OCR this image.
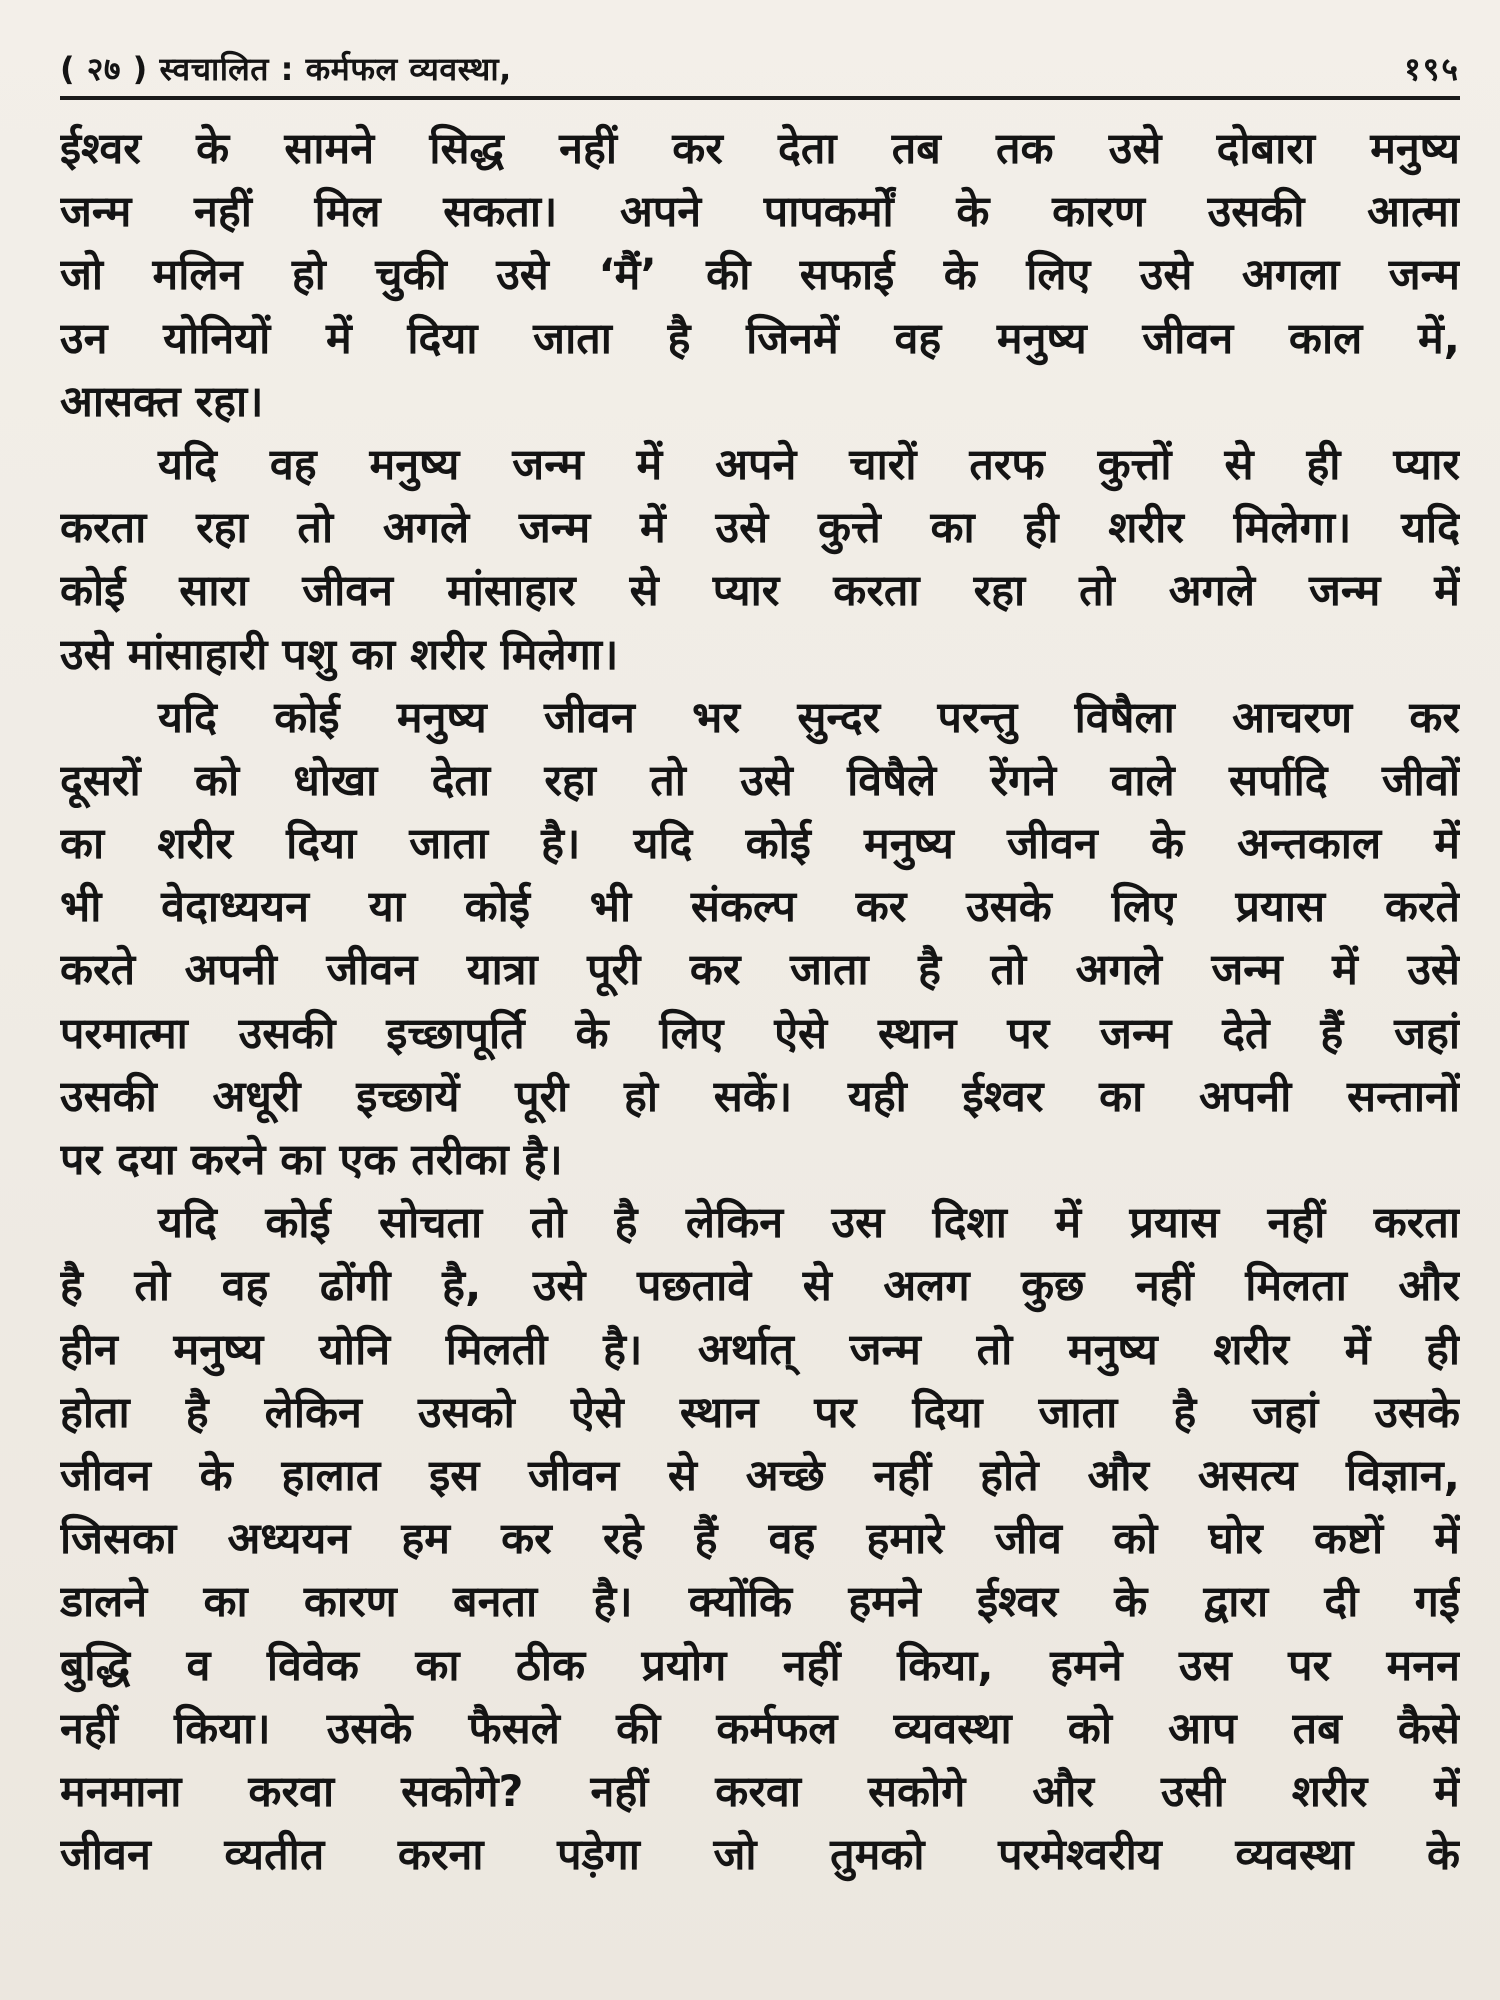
( २७ ) स्वचालित : कर्मफल व्यवस्था,	१९५
ईश्वर के सामने सिद्ध नहीं कर देता तब तक उसे दोबारा मनुष्य
जन्म नहीं मिल सकता। अपने पापकर्मों के कारण उसकी आत्मा
जो मलिन हो चुकी उसे ‘मैं’ की सफाई के लिए उसे अगला जन्म
उन योनियों में दिया जाता है जिनमें वह मनुष्य जीवन काल में,
आसक्त रहा।
यदि वह मनुष्य जन्म में अपने चारों तरफ कुत्तों से ही प्यार
करता रहा तो अगले जन्म में उसे कुत्ते का ही शरीर मिलेगा। यदि
कोई सारा जीवन मांसाहार से प्यार करता रहा तो अगले जन्म में
उसे मांसाहारी पशु का शरीर मिलेगा।
यदि कोई मनुष्य जीवन भर सुन्दर परन्तु विषैला आचरण कर
दूसरों को धोखा देता रहा तो उसे विषैले रेंगने वाले सर्पादि जीवों
का शरीर दिया जाता है। यदि कोई मनुष्य जीवन के अन्तकाल में
भी वेदाध्ययन या कोई भी संकल्प कर उसके लिए प्रयास करते
करते अपनी जीवन यात्रा पूरी कर जाता है तो अगले जन्म में उसे
परमात्मा उसकी इच्छापूर्ति के लिए ऐसे स्थान पर जन्म देते हैं जहां
उसकी अधूरी इच्छायें पूरी हो सकें। यही ईश्वर का अपनी सन्तानों
पर दया करने का एक तरीका है।
यदि कोई सोचता तो है लेकिन उस दिशा में प्रयास नहीं करता
है तो वह ढोंगी है, उसे पछतावे से अलग कुछ नहीं मिलता और
हीन मनुष्य योनि मिलती है। अर्थात् जन्म तो मनुष्य शरीर में ही
होता है लेकिन उसको ऐसे स्थान पर दिया जाता है जहां उसके
जीवन के हालात इस जीवन से अच्छे नहीं होते और असत्य विज्ञान,
जिसका अध्ययन हम कर रहे हैं वह हमारे जीव को घोर कष्टों में
डालने का कारण बनता है। क्योंकि हमने ईश्वर के द्वारा दी गई
बुद्धि व विवेक का ठीक प्रयोग नहीं किया, हमने उस पर मनन
नहीं किया। उसके फैसले की कर्मफल व्यवस्था को आप तब कैसे
मनमाना करवा सकोगे? नहीं करवा सकोगे और उसी शरीर में
जीवन व्यतीत करना पड़ेगा जो तुमको परमेश्वरीय व्यवस्था के
